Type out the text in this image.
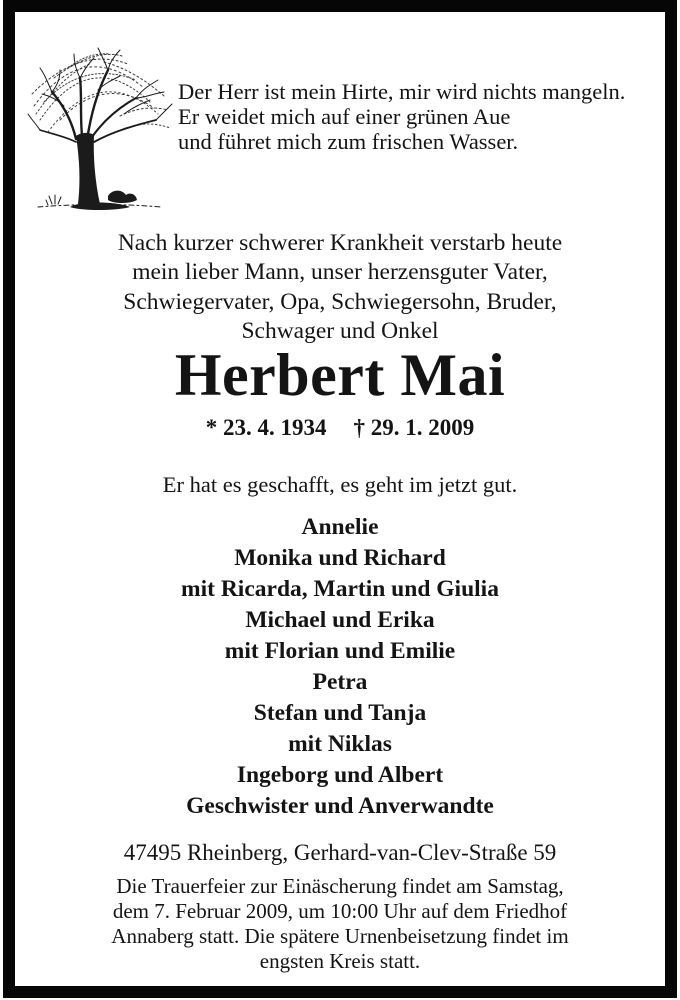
Der Herr ist mein Hirte, mir wird nichts mangeln.
Er weidet mich auf einer grünen Aue
und führet mich zum frischen Wasser.
Nach kurzer schwerer Krankheit verstarb heute
mein lieber Mann, unser herzensguter Vater,
Schwiegervater, Opa, Schwiegersohn, Bruder,
Schwager und Onkel
Herbert Mai
* 23. 4. 1934 † 29. 1. 2009
Er hat es geschafft, es geht im jetzt gut.
Annelie
Monika und Richard
mit Ricarda, Martin und Giulia
Michael und Erika
mit Florian und Emilie
Petra
Stefan und Tanja
mit Niklas
Ingeborg und Albert
Geschwister und Anverwandte
47495 Rheinberg, Gerhard-van-Clev-Straße 59
Die Trauerfeier zur Einäscherung findet am Samstag,
dem 7. Februar 2009, um 10:00 Uhr auf dem Friedhof
Annaberg statt. Die spätere Urnenbeisetzung findet im
engsten Kreis statt.
